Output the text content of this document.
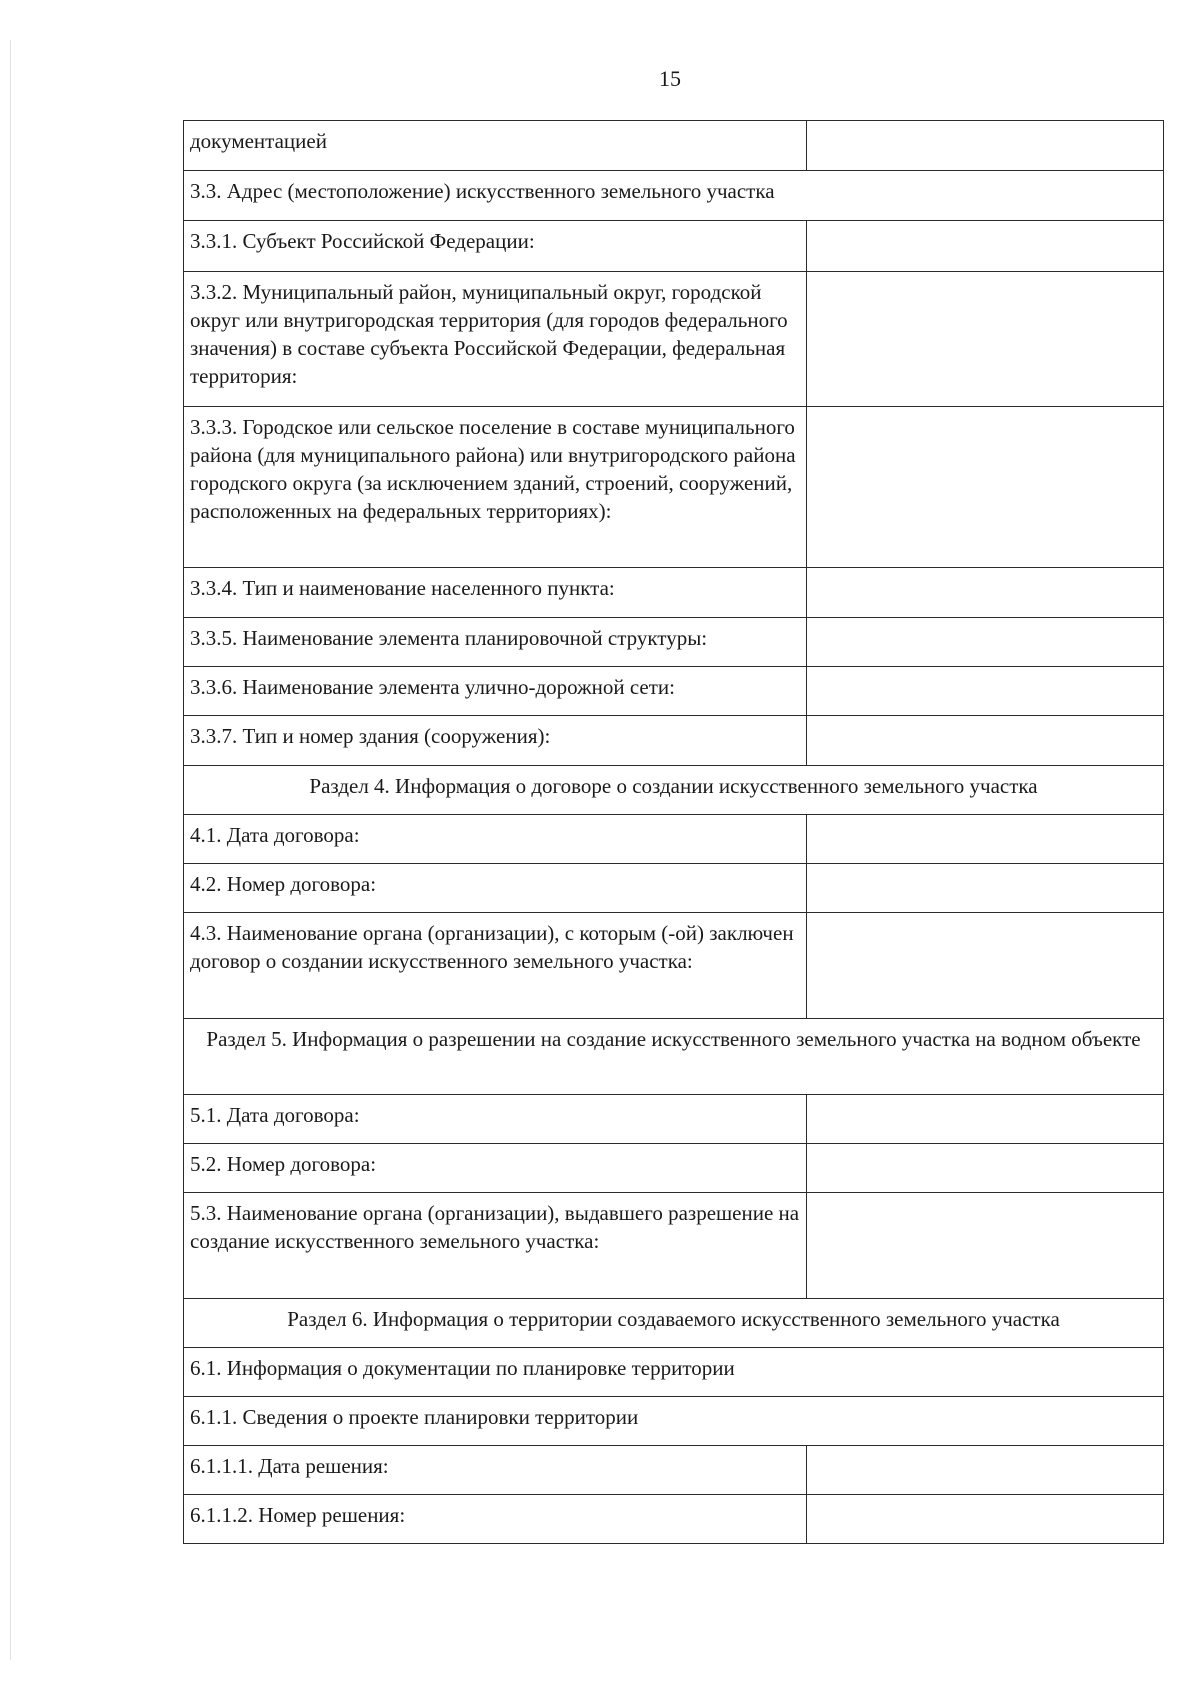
15
документацией	
3.3. Адрес (местоположение) искусственного земельного участка	
3.3.1. Субъект Российской Федерации:	
3.3.2. Муниципальный район, муниципальный округ, городской округ или внутригородская территория (для городов федерального значения) в составе субъекта Российской Федерации, федеральная территория:	
3.3.3. Городское или сельское поселение в составе муниципального района (для муниципального района) или внутригородского района городского округа (за исключением зданий, строений, сооружений, расположенных на федеральных территориях):	
3.3.4. Тип и наименование населенного пункта:	
3.3.5. Наименование элемента планировочной структуры:	
3.3.6. Наименование элемента улично-дорожной сети:	
3.3.7. Тип и номер здания (сооружения):	
Раздел 4. Информация о договоре о создании искусственного земельного участка	
4.1. Дата договора:	
4.2. Номер договора:	
4.3. Наименование органа (организации), с которым (-ой) заключен договор о создании искусственного земельного участка:	
Раздел 5. Информация о разрешении на создание искусственного земельного участка на водном объекте	
5.1. Дата договора:	
5.2. Номер договора:	
5.3. Наименование органа (организации), выдавшего разрешение на создание искусственного земельного участка:	
Раздел 6. Информация о территории создаваемого искусственного земельного участка	
6.1. Информация о документации по планировке территории	
6.1.1. Сведения о проекте планировки территории	
6.1.1.1. Дата решения:	
6.1.1.2. Номер решения:	
